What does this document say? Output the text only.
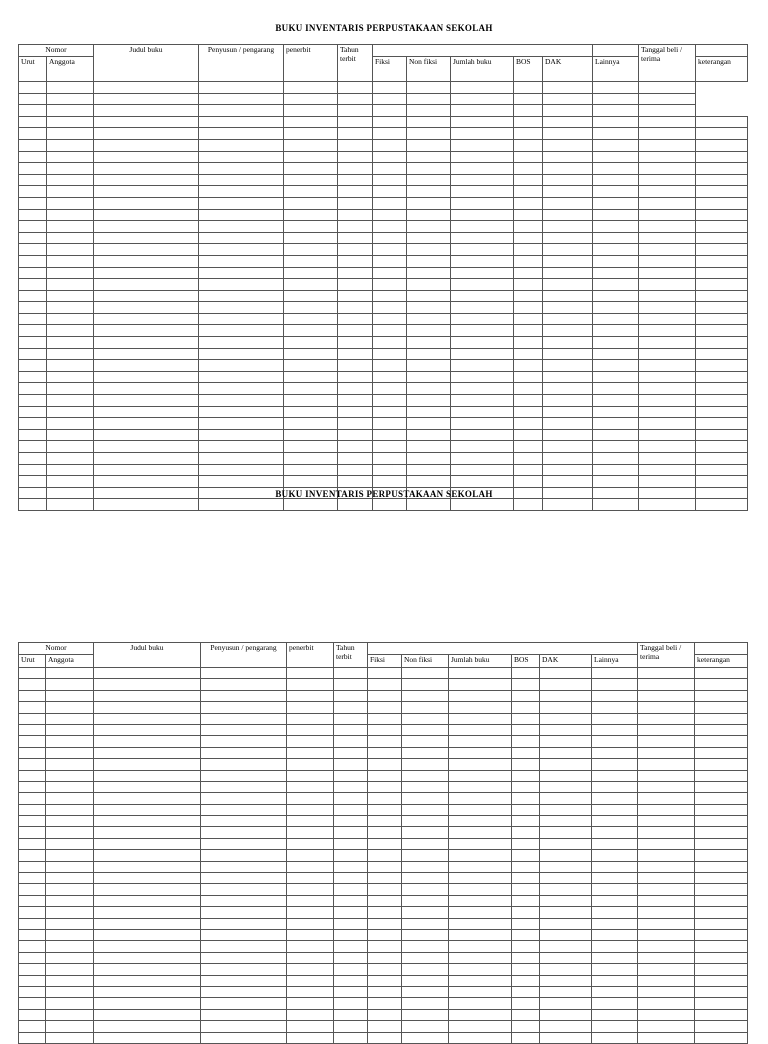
BUKU INVENTARIS PERPUSTAKAAN SEKOLAH
Nomor		Judul buku	Penyusun / pengarang	penerbit	Tahun terbit							Tanggal beli / terima	
Urut	Anggota					Fiksi	Non fiksi	Jumlah buku	BOS	DAK	Lainnya		keterangan

BUKU INVENTARIS PERPUSTAKAAN SEKOLAH
Nomor		Judul buku	Penyusun / pengarang	penerbit	Tahun terbit							Tanggal beli / terima	
Urut	Anggota					Fiksi	Non fiksi	Jumlah buku	BOS	DAK	Lainnya		keterangan
